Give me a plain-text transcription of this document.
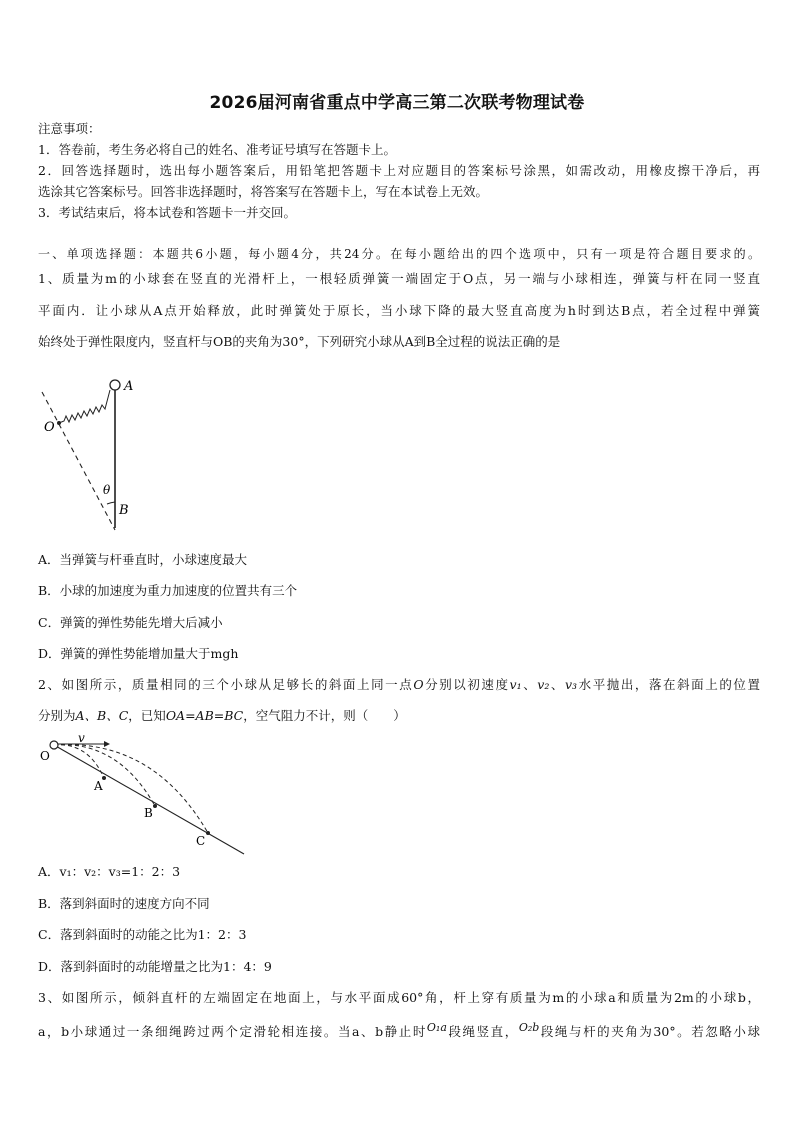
2026届河南省重点中学高三第二次联考物理试卷
注意事项：
1．答卷前，考生务必将自己的姓名、准考证号填写在答题卡上。
2．回答选择题时，选出每小题答案后，用铅笔把答题卡上对应题目的答案标号涂黑，如需改动，用橡皮擦干净后，再
选涂其它答案标号。回答非选择题时，将答案写在答题卡上，写在本试卷上无效。
3．考试结束后，将本试卷和答题卡一并交回。
一、单项选择题：本题共6小题，每小题4分，共24分。在每小题给出的四个选项中，只有一项是符合题目要求的。
1、质量为m的小球套在竖直的光滑杆上，一根轻质弹簧一端固定于O点，另一端与小球相连，弹簧与杆在同一竖直
平面内．让小球从A点开始释放，此时弹簧处于原长，当小球下降的最大竖直高度为h时到达B点，若全过程中弹簧
始终处于弹性限度内，竖直杆与OB的夹角为30°，下列研究小球从A到B全过程的说法正确的是
A
O
θ
B
A．当弹簧与杆垂直时，小球速度最大
B．小球的加速度为重力加速度的位置共有三个
C．弹簧的弹性势能先增大后减小
D．弹簧的弹性势能增加量大于mgh
2、如图所示，质量相同的三个小球从足够长的斜面上同一点O分别以初速度v₁、v₂、v₃水平抛出，落在斜面上的位置
分别为A、B、C，已知OA=AB=BC，空气阻力不计，则（　　）
v
O
A
B
C
A．v₁：v₂：v₃=1：2：3
B．落到斜面时的速度方向不同
C．落到斜面时的动能之比为1：2：3
D．落到斜面时的动能增量之比为1：4：9
3、如图所示，倾斜直杆的左端固定在地面上，与水平面成60°角，杆上穿有质量为m的小球a和质量为2m的小球b，
a，b小球通过一条细绳跨过两个定滑轮相连接。当a、b静止时O₁a段绳竖直，O₂b段绳与杆的夹角为30°。若忽略小球
